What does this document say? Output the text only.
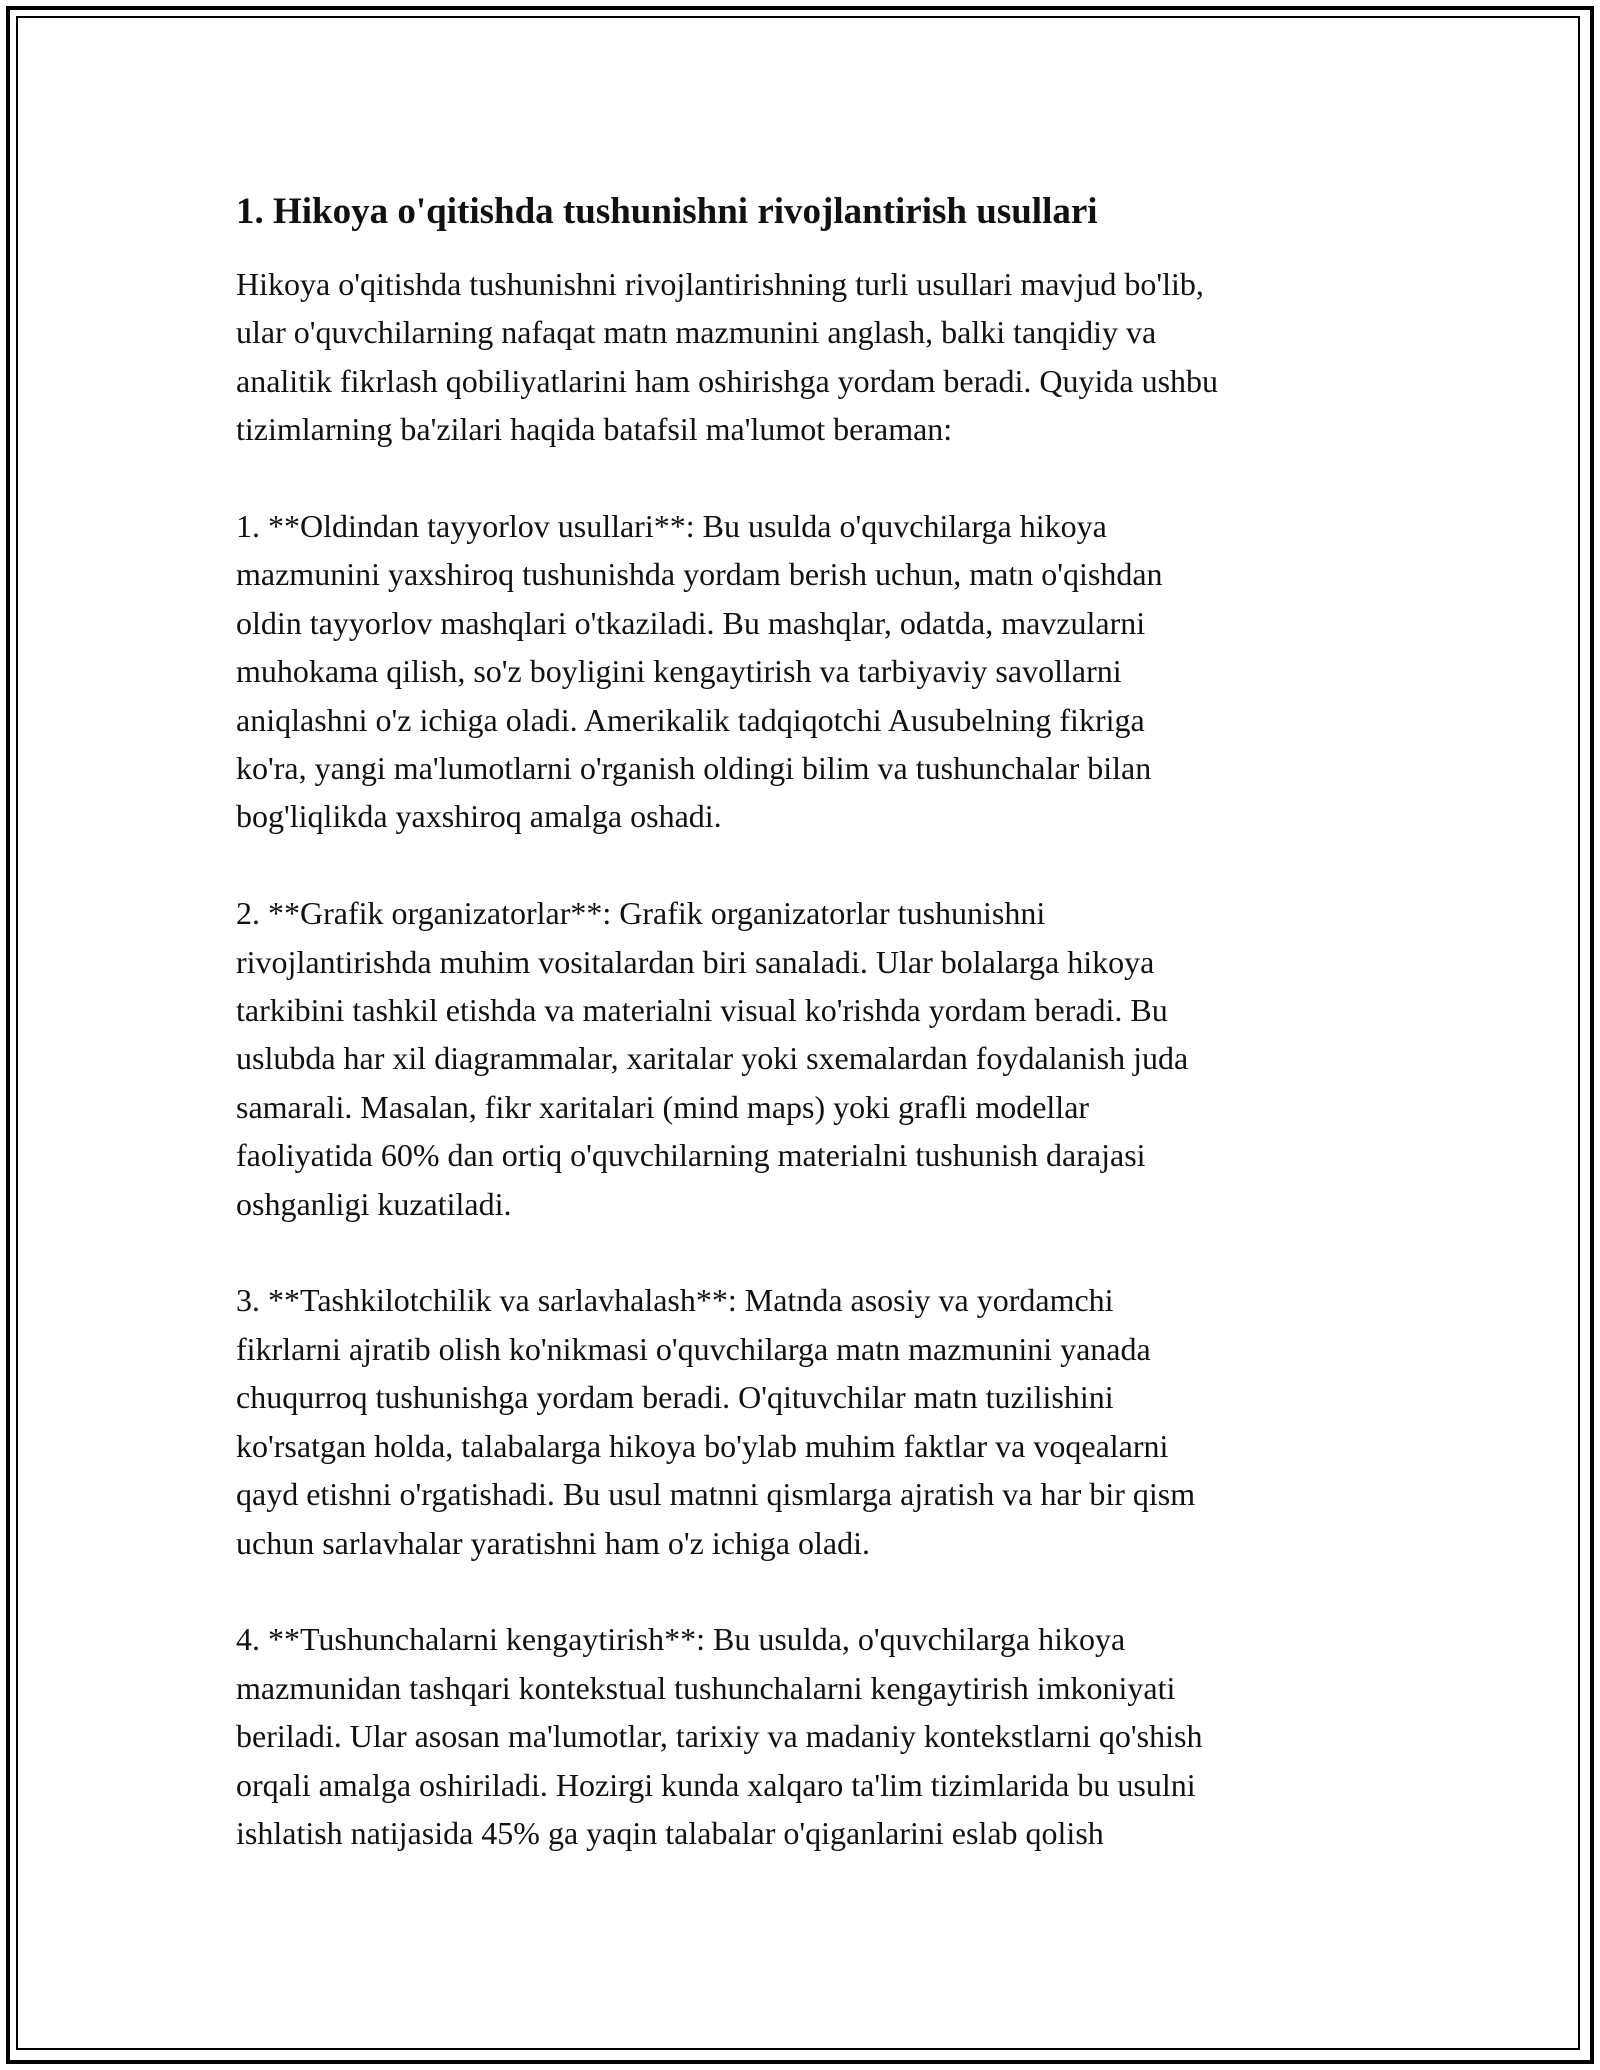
1. Hikoya o'qitishda tushunishni rivojlantirish usullari

Hikoya o'qitishda tushunishni rivojlantirishning turli usullari mavjud bo'lib,
ular o'quvchilarning nafaqat matn mazmunini anglash, balki tanqidiy va
analitik fikrlash qobiliyatlarini ham oshirishga yordam beradi. Quyida ushbu
tizimlarning ba'zilari haqida batafsil ma'lumot beraman:

1. **Oldindan tayyorlov usullari**: Bu usulda o'quvchilarga hikoya
mazmunini yaxshiroq tushunishda yordam berish uchun, matn o'qishdan
oldin tayyorlov mashqlari o'tkaziladi. Bu mashqlar, odatda, mavzularni
muhokama qilish, so'z boyligini kengaytirish va tarbiyaviy savollarni
aniqlashni o'z ichiga oladi. Amerikalik tadqiqotchi Ausubelning fikriga
ko'ra, yangi ma'lumotlarni o'rganish oldingi bilim va tushunchalar bilan
bog'liqlikda yaxshiroq amalga oshadi.

2. **Grafik organizatorlar**: Grafik organizatorlar tushunishni
rivojlantirishda muhim vositalardan biri sanaladi. Ular bolalarga hikoya
tarkibini tashkil etishda va materialni visual ko'rishda yordam beradi. Bu
uslubda har xil diagrammalar, xaritalar yoki sxemalardan foydalanish juda
samarali. Masalan, fikr xaritalari (mind maps) yoki grafli modellar
faoliyatida 60% dan ortiq o'quvchilarning materialni tushunish darajasi
oshganligi kuzatiladi.

3. **Tashkilotchilik va sarlavhalash**: Matnda asosiy va yordamchi
fikrlarni ajratib olish ko'nikmasi o'quvchilarga matn mazmunini yanada
chuqurroq tushunishga yordam beradi. O'qituvchilar matn tuzilishini
ko'rsatgan holda, talabalarga hikoya bo'ylab muhim faktlar va voqealarni
qayd etishni o'rgatishadi. Bu usul matnni qismlarga ajratish va har bir qism
uchun sarlavhalar yaratishni ham o'z ichiga oladi.

4. **Tushunchalarni kengaytirish**: Bu usulda, o'quvchilarga hikoya
mazmunidan tashqari kontekstual tushunchalarni kengaytirish imkoniyati
beriladi. Ular asosan ma'lumotlar, tarixiy va madaniy kontekstlarni qo'shish
orqali amalga oshiriladi. Hozirgi kunda xalqaro ta'lim tizimlarida bu usulni
ishlatish natijasida 45% ga yaqin talabalar o'qiganlarini eslab qolish
